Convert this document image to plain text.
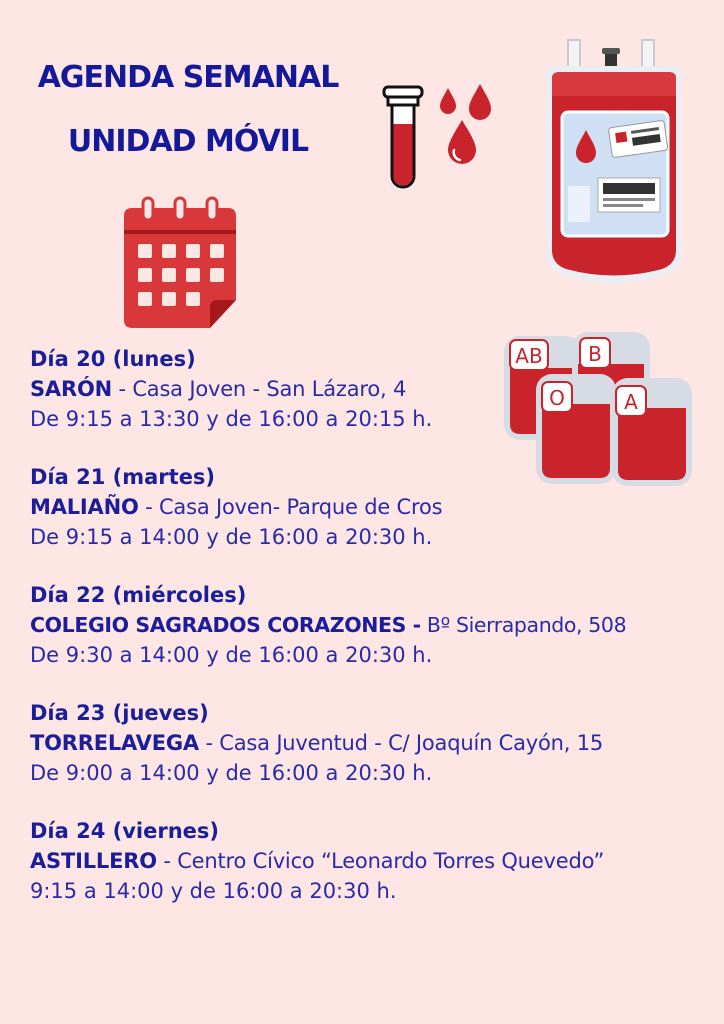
AGENDA SEMANAL
UNIDAD MÓVIL
AB B
O	A
Día 20 (lunes)
SARÓN - Casa Joven - San Lázaro, 4
De 9:15 a 13:30 y de 16:00 a 20:15 h.
Día 21 (martes)
MALIAÑO - Casa Joven- Parque de Cros
De 9:15 a 14:00 y de 16:00 a 20:30 h.
Día 22 (miércoles)
COLEGIO SAGRADOS CORAZONES - Bº Sierrapando, 508
De 9:30 a 14:00 y de 16:00 a 20:30 h.
Día 23 (jueves)
TORRELAVEGA - Casa Juventud - C/ Joaquín Cayón, 15
De 9:00 a 14:00 y de 16:00 a 20:30 h.
Día 24 (viernes)
ASTILLERO - Centro Cívico “Leonardo Torres Quevedo”
9:15 a 14:00 y de 16:00 a 20:30 h.
